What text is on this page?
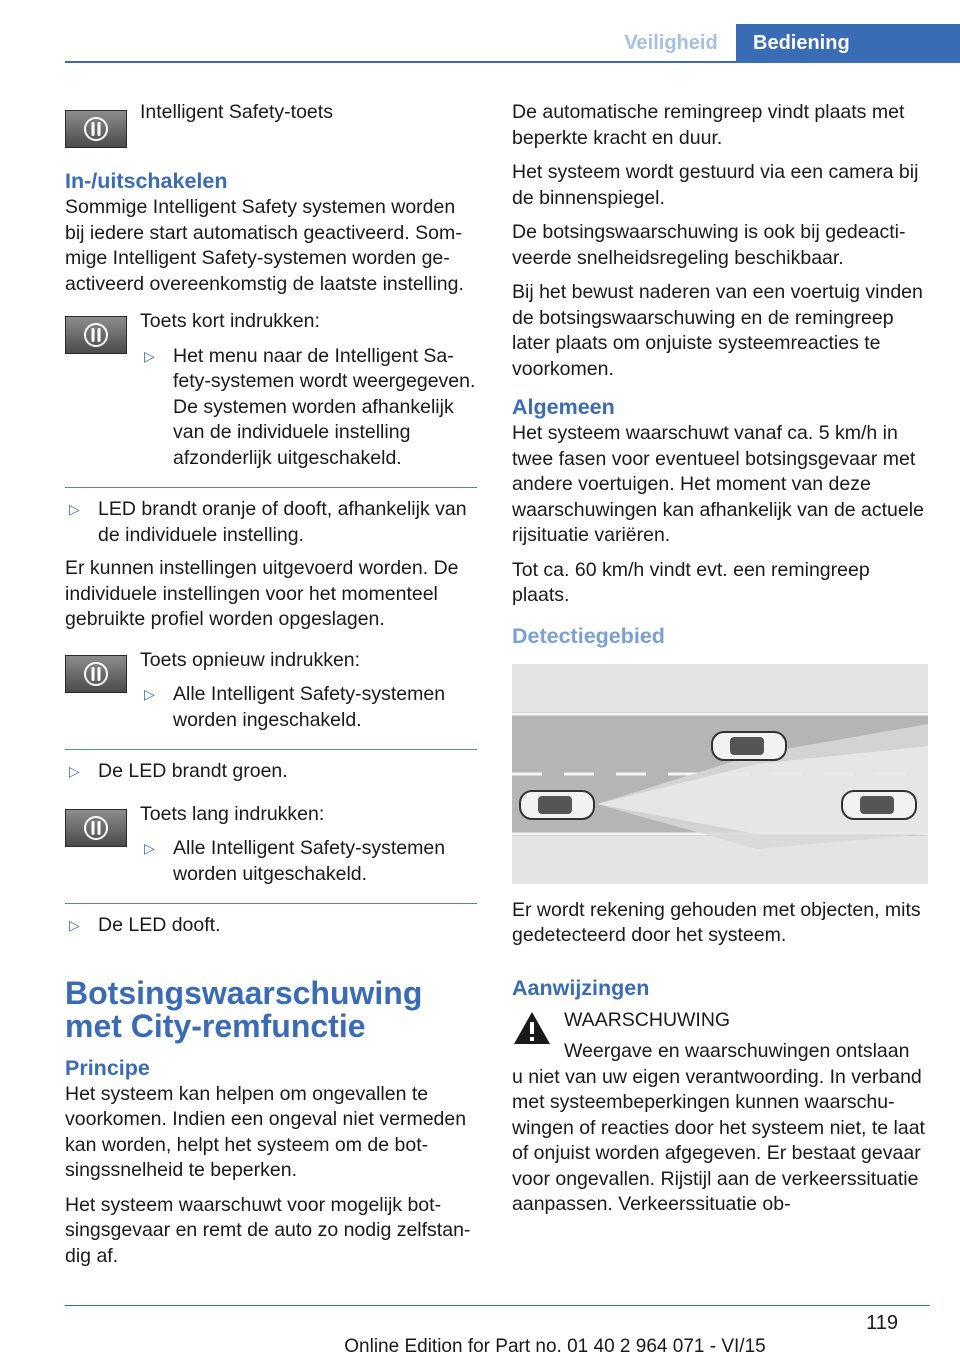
Veiligheid	Bediening

Intelligent Safety-toets

In-/uitschakelen

Sommige Intelligent Safety systemen worden bij iedere start automatisch geactiveerd. Sommige Intelligent Safety-systemen worden geactiveerd overeenkomstig de laatste instelling.

Toets kort indrukken:

▷ Het menu naar de Intelligent Safety-systemen wordt weergegeven. De systemen worden afhankelijk van de individuele instelling afzonderlijk uitgeschakeld.
▷ LED brandt oranje of dooft, afhankelijk van de individuele instelling.

Er kunnen instellingen uitgevoerd worden. De individuele instellingen voor het momenteel gebruikte profiel worden opgeslagen.

Toets opnieuw indrukken:

▷ Alle Intelligent Safety-systemen worden ingeschakeld.
▷ De LED brandt groen.

Toets lang indrukken:

▷ Alle Intelligent Safety-systemen worden uitgeschakeld.
▷ De LED dooft.
Botsingswaarschuwing met City-remfunctie
Principe

Het systeem kan helpen om ongevallen te voorkomen. Indien een ongeval niet vermeden kan worden, helpt het systeem om de botsingssnelheid te beperken.

Het systeem waarschuwt voor mogelijk botsingsgevaar en remt de auto zo nodig zelfstandig af.

De automatische remingreep vindt plaats met beperkte kracht en duur.

Het systeem wordt gestuurd via een camera bij de binnenspiegel.

De botsingswaarschuwing is ook bij gedeactiveerde snelheidsregeling beschikbaar.

Bij het bewust naderen van een voertuig vinden de botsingswaarschuwing en de remingreep later plaats om onjuiste systeemreacties te voorkomen.

Algemeen

Het systeem waarschuwt vanaf ca. 5 km/h in twee fasen voor eventueel botsingsgevaar met andere voertuigen. Het moment van deze waarschuwingen kan afhankelijk van de actuele rijsituatie variëren.

Tot ca. 60 km/h vindt evt. een remingreep plaats.

Detectiegebied

Er wordt rekening gehouden met objecten, mits gedetecteerd door het systeem.

Aanwijzingen

WAARSCHUWING

Weergave en waarschuwingen ontslaan

u niet van uw eigen verantwoording. In verband met systeembeperkingen kunnen waarschuwingen of reacties door het systeem niet, te laat of onjuist worden afgegeven. Er bestaat gevaar voor ongevallen. Rijstijl aan de verkeerssituatie aanpassen. Verkeerssituatie ob-

119
Online Edition for Part no. 01 40 2 964 071 - VI/15
